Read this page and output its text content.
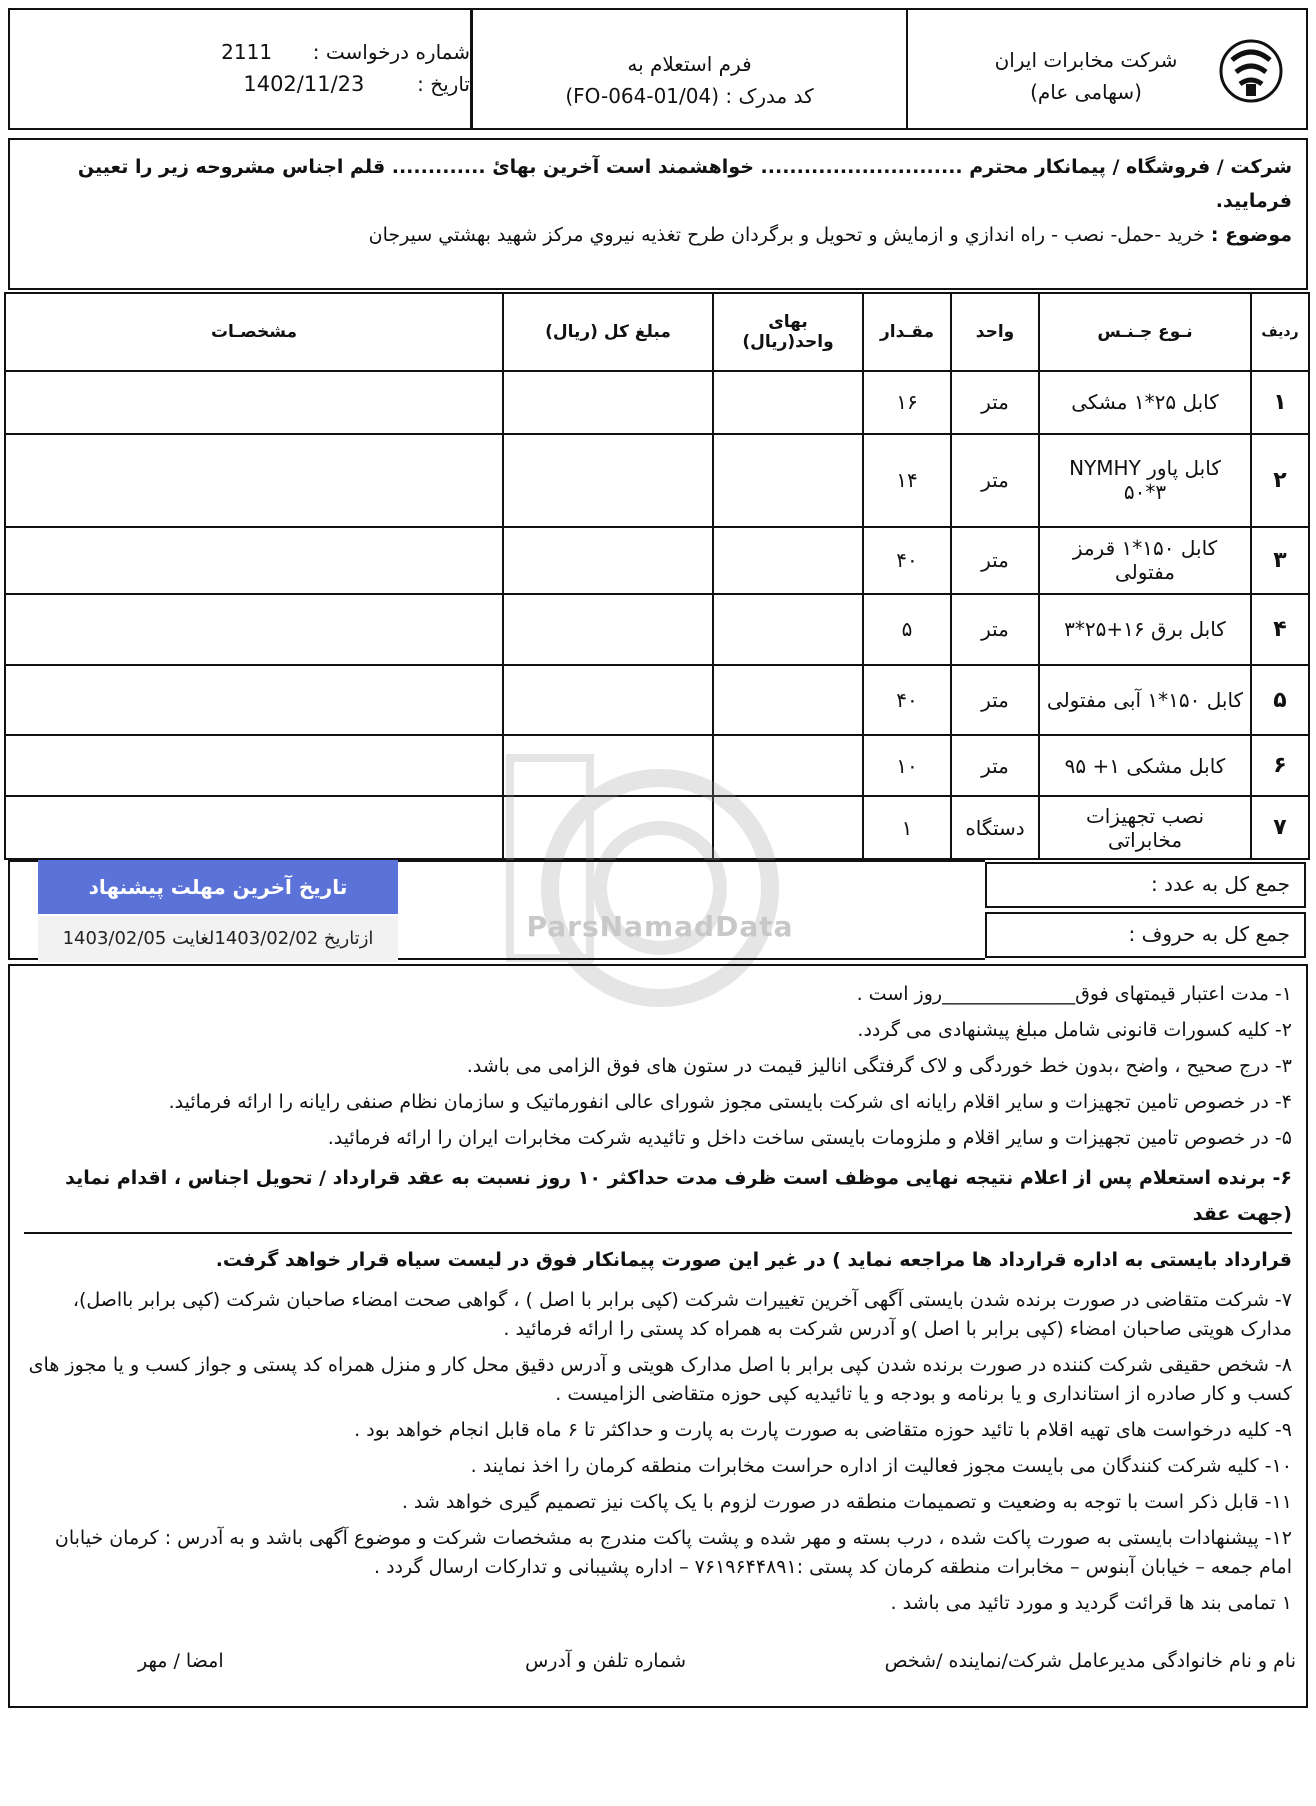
شرکت مخابرات ایران
(سهامی عام)
فرم استعلام به
کد مدرک : (FO-064-01/04)
شماره درخواست :  2111
تاریخ :  1402/11/23

شرکت / فروشگاه / پیمانکار محترم ............................ خواهشمند است آخرین بهایٔ ............. قلم اجناس مشروحه زیر را تعیین

فرمایید.

موضوع : خرید -حمل- نصب - راه اندازي و ازمايش و تحويل و برگردان طرح تغذيه نيروي مرکز شهيد بهشتي سيرجان

ردیف	نـوع جـنـس	واحد	مقـدار	بهای واحد(ریال)	مبلغ کل (ریال)	مشخصـات
۱	کابل ۲۵*۱ مشکی	متر	۱۶			
۲	کابل پاور NYMHY ۵۰*۳	متر	۱۴			
۳	کابل ۱۵۰*۱ قرمز مفتولی	متر	۴۰			
۴	کابل برق ۱۶+۲۵*۳	متر	۵			
۵	کابل ۱۵۰*۱ آبی مفتولی	متر	۴۰			
۶	کابل مشکی ۱+ ۹۵	متر	۱۰			
۷	نصب تجهیزات مخابراتی	دستگاه	۱			
ParsNamadData
جمع کل به عدد :
جمع کل به حروف :
تاریخ آخرین مهلت پیشنهاد
ازتاریخ 1403/02/02لغایت 1403/02/05

۱- مدت اعتبار قیمتهای فوق______________روز است .

۲- کلیه کسورات قانونی شامل مبلغ پیشنهادی می گردد.

۳- درج صحیح ، واضح ،بدون خط خوردگی و لاک گرفتگی انالیز قیمت در ستون های فوق الزامی می باشد.

۴- در خصوص تامین تجهیزات و سایر اقلام رایانه ای شرکت بایستی مجوز شورای عالی انفورماتیک و سازمان نظام صنفی رایانه را ارائه فرمائید.

۵- در خصوص تامین تجهیزات و سایر اقلام و ملزومات بایستی ساخت داخل و تائیدیه شرکت مخابرات ایران را ارائه فرمائید.

۶- برنده استعلام پس از اعلام نتیجه نهایی موظف است ظرف مدت حداکثر ۱۰ روز نسبت به عقد قرارداد / تحویل اجناس ، اقدام نماید (جهت عقد

قرارداد بایستی به اداره قرارداد ها مراجعه نماید ) در غیر این صورت پیمانکار فوق در لیست سیاه قرار خواهد گرفت.

۷- شرکت متقاضی در صورت برنده شدن بایستی آگهی آخرین تغییرات شرکت (کپی برابر با اصل ) ، گواهی صحت امضاء صاحبان شرکت (کپی برابر بااصل)، مدارک هویتی صاحبان امضاء (کپی برابر با اصل )و آدرس شرکت به همراه کد پستی را ارائه فرمائید .

۸- شخص حقیقی شرکت کننده در صورت برنده شدن کپی برابر با اصل مدارک هویتی و آدرس دقیق محل کار و منزل همراه کد پستی و جواز کسب و یا مجوز های کسب و کار صادره از استانداری و یا برنامه و بودجه و یا تائیدیه کپی حوزه متقاضی الزامیست .

۹- کلیه درخواست های تهیه اقلام با تائید حوزه متقاضی به صورت پارت به پارت و حداکثر تا ۶ ماه قابل انجام خواهد بود .

۱۰- کلیه شرکت کنندگان می بایست مجوز فعالیت از اداره حراست مخابرات منطقه کرمان را اخذ نمایند .

۱۱- قابل ذکر است با توجه به وضعیت و تصمیمات منطقه در صورت لزوم با یک پاکت نیز تصمیم گیری خواهد شد .

۱۲- پیشنهادات بایستی به صورت پاکت شده ، درب بسته و مهر شده و پشت پاکت مندرج به مشخصات شرکت و موضوع آگهی باشد و به آدرس : کرمان خیابان امام جمعه – خیابان آبنوس – مخابرات منطقه کرمان کد پستی :۷۶۱۹۶۴۴۸۹۱ – اداره پشیبانی و تدارکات ارسال گردد .

۱ تمامی بند ها قرائت گردید و مورد تائید می باشد .

نام و نام خانوادگی مدیرعامل شرکت/نماینده /شخص
شماره تلفن و آدرس
امضا / مهر
